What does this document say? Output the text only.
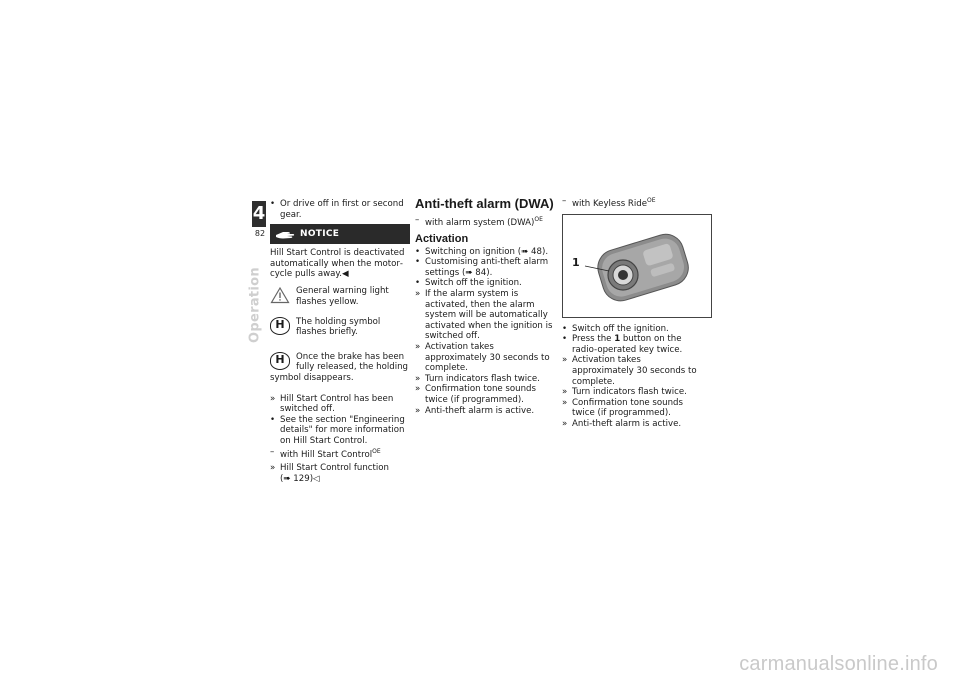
4
82
Operation

• Or drive off in first or second gear.

NOTICE

Hill Start Control is deactivated automatically when the motorcycle pulls away.

◀
General warning light flashes yellow.
H	The holding symbol flashes briefly.
H	Once the brake has been fully released, the holding

symbol disappears.

» Hill Start Control has been switched off.

• See the section "Engineering details" for more information on Hill Start Control.

– with Hill Start Control$^{OE}$

» Hill Start Control function
(➠ 129)◁

Anti-theft alarm (DWA)

– with alarm system (DWA)$^{OE}$

Activation

• Switching on ignition (➠ 48).

• Customising anti-theft alarm settings (➠ 84).

• Switch off the ignition.

» If the alarm system is activated, then the alarm system will be automatically activated when the ignition is switched off.

» Activation takes approximately 30 seconds to complete.

» Turn indicators flash twice.

» Confirmation tone sounds twice (if programmed).

» Anti-theft alarm is active.

– with Keyless Ride$^{OE}$

1

• Switch off the ignition.

• Press the 1 button on the radio-operated key twice.

» Activation takes approximately 30 seconds to complete.

» Turn indicators flash twice.

» Confirmation tone sounds twice (if programmed).

» Anti-theft alarm is active.

carmanualsonline.info
